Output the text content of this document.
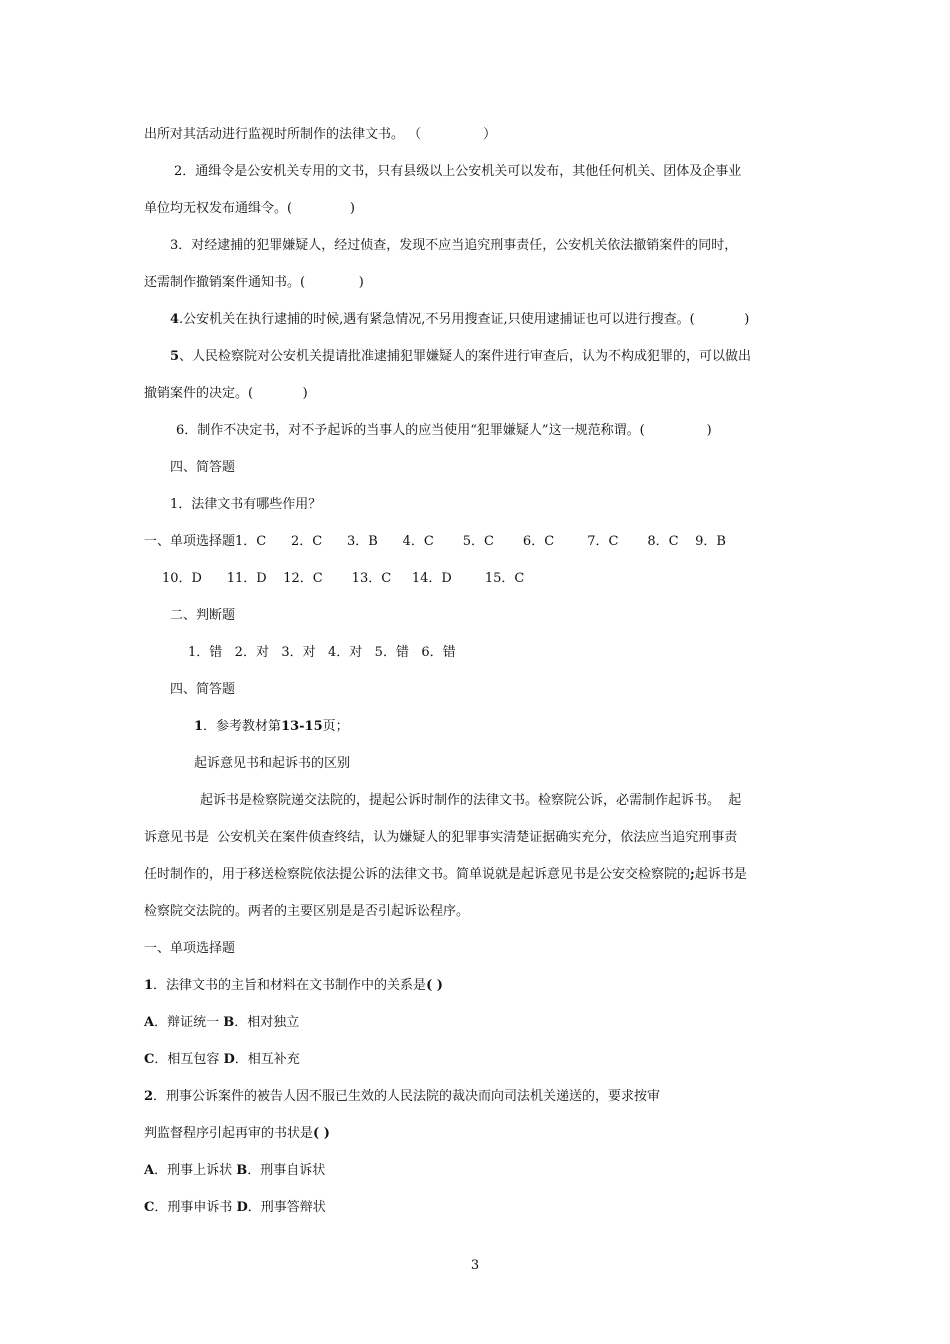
出所对其活动进行监视时所制作的法律文书。 （               ）
2．通缉令是公安机关专用的文书，只有县级以上公安机关可以发布，其他任何机关、团体及企事业
单位均无权发布通缉令。(              )
3．对经逮捕的犯罪嫌疑人，经过侦查，发现不应当追究刑事责任，公安机关依法撤销案件的同时，
还需制作撤销案件通知书。(             )
4.公安机关在执行逮捕的时候,遇有紧急情况,不另用搜查证,只使用逮捕证也可以进行搜查。(            )
5、人民检察院对公安机关提请批准逮捕犯罪嫌疑人的案件进行审查后，认为不构成犯罪的，可以做出
撤销案件的决定。(            )
6．制作不决定书，对不予起诉的当事人的应当使用“犯罪嫌疑人”这一规范称谓。(               )
四、简答题
1．法律文书有哪些作用？
一、单项选择题1．C      2．C      3．B      4．C       5．C       6．C        7．C       8．C    9．B
10．D      11．D    12．C       13．C     14．D        15．C
二、判断题
1．错   2．对   3．对   4．对   5．错   6．错
四、简答题
1．参考教材第13-15页；
起诉意见书和起诉书的区别
起诉书是检察院递交法院的，提起公诉时制作的法律文书。检察院公诉，必需制作起诉书。  起
诉意见书是  公安机关在案件侦查终结，认为嫌疑人的犯罪事实清楚证据确实充分，依法应当追究刑事责
任时制作的，用于移送检察院依法提公诉的法律文书。简单说就是起诉意见书是公安交检察院的;起诉书是
检察院交法院的。两者的主要区别是是否引起诉讼程序。
一、单项选择题
1．法律文书的主旨和材料在文书制作中的关系是( )
A．辩证统一 B．相对独立
C．相互包容 D．相互补充
2．刑事公诉案件的被告人因不服已生效的人民法院的裁决而向司法机关递送的，要求按审
判监督程序引起再审的书状是( )
A．刑事上诉状 B．刑事自诉状
C．刑事申诉书 D．刑事答辩状
3
